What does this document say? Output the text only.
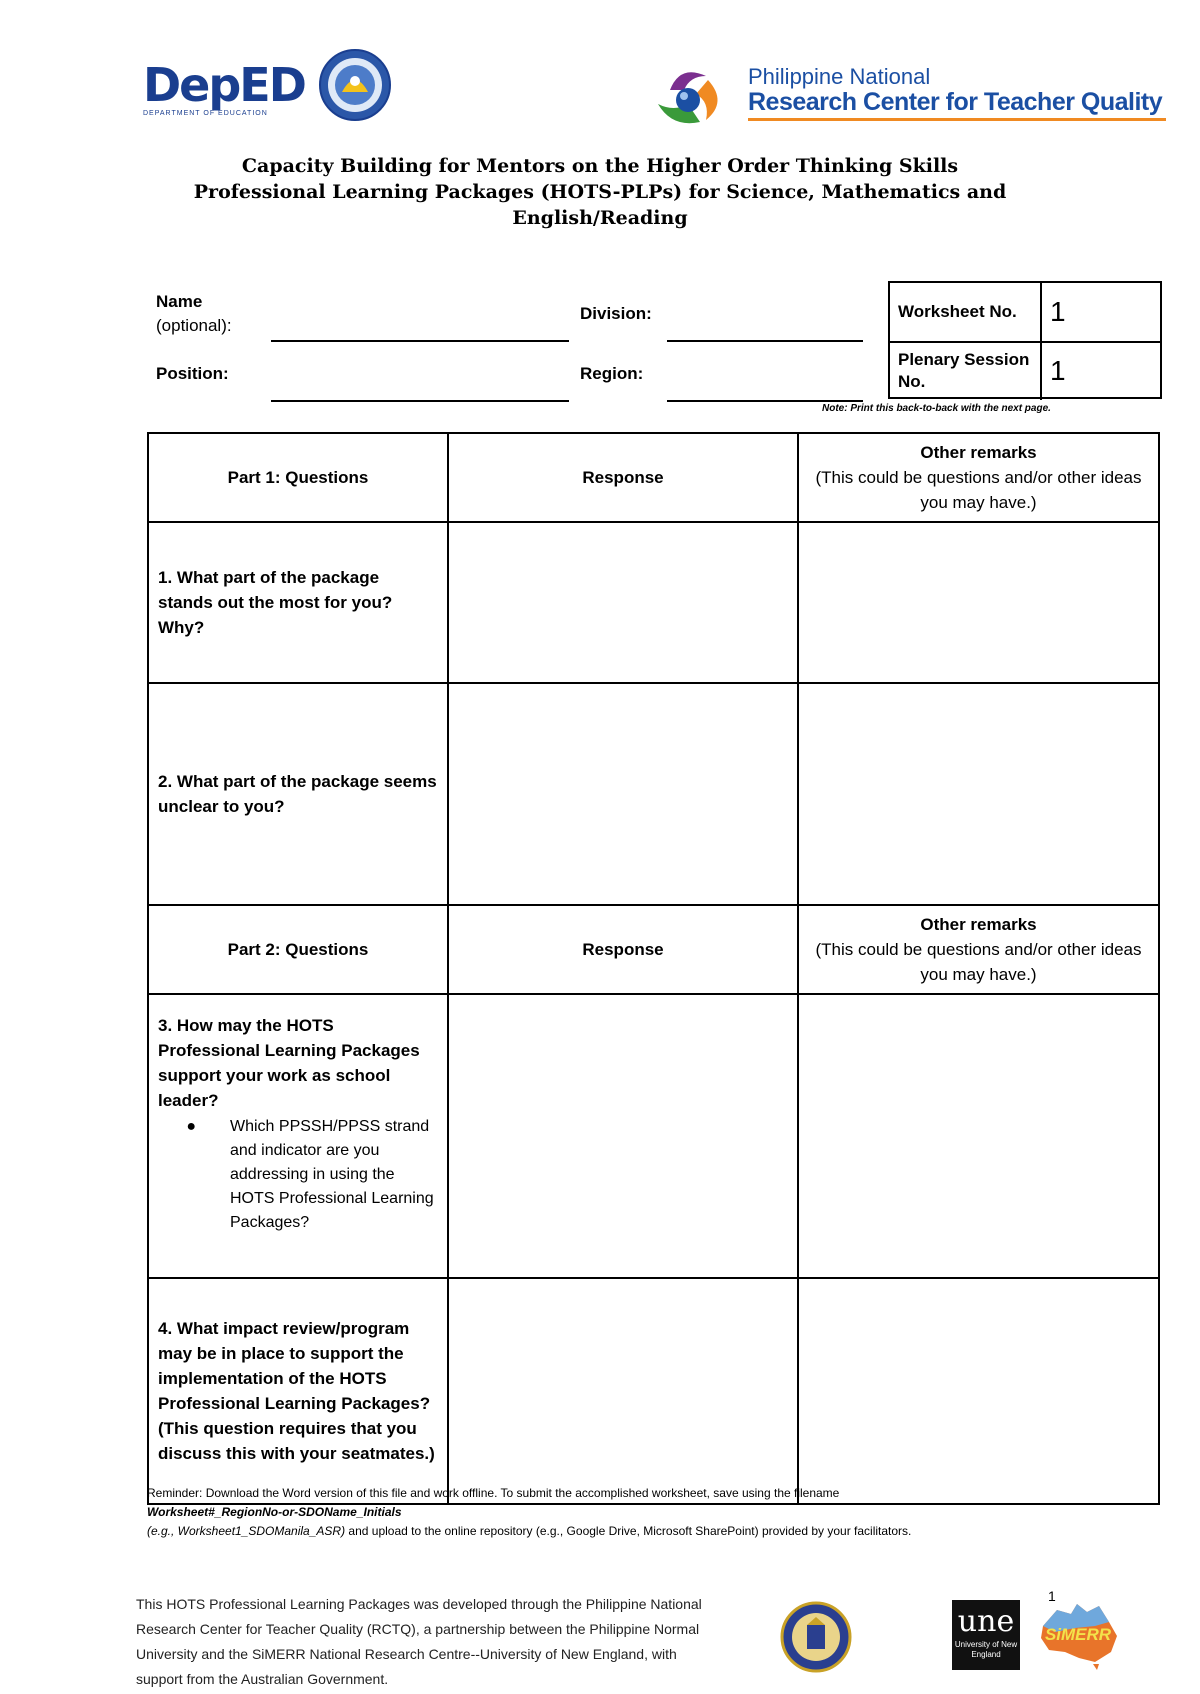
DepED
DEPARTMENT OF EDUCATION
Philippine National
Research Center for Teacher Quality
Capacity Building for Mentors on the Higher Order Thinking Skills
Professional Learning Packages (HOTS-PLPs) for Science, Mathematics and
English/Reading
Name
(optional):
Division:
Position:	Region:
Worksheet No.	1
Plenary Session No.	1
Note: Print this back-to-back with the next page.
Part 1: Questions	Response	Other remarks
(This could be questions and/or other ideas you may have.)

1. What part of the package stands out the most for you? Why?		
2. What part of the package seems unclear to you?		
Part 2: Questions	Response	Other remarks
(This could be questions and/or other ideas you may have.)

3. How may the HOTS Professional Learning Packages support your work as school leader?
● Which PPSSH/PPSS strand and indicator are you addressing in using the HOTS Professional Learning Packages?		

4. What impact review/program may be in place to support the implementation of the HOTS Professional Learning Packages? (This question requires that you discuss this with your seatmates.)		
Reminder: Download the Word version of this file and work offline. To submit the accomplished worksheet, save using the filename
Worksheet#_RegionNo-or-SDOName_Initials
(e.g., Worksheet1_SDOManila_ASR) and upload to the online repository (e.g., Google Drive, Microsoft SharePoint) provided by your facilitators.
This HOTS Professional Learning Packages was developed through the Philippine National Research Center for Teacher Quality (RCTQ), a partnership between the Philippine Normal University and the SiMERR National Research Centre--University of New England, with support from the Australian Government.
une
University of New England
SiMERR
1
